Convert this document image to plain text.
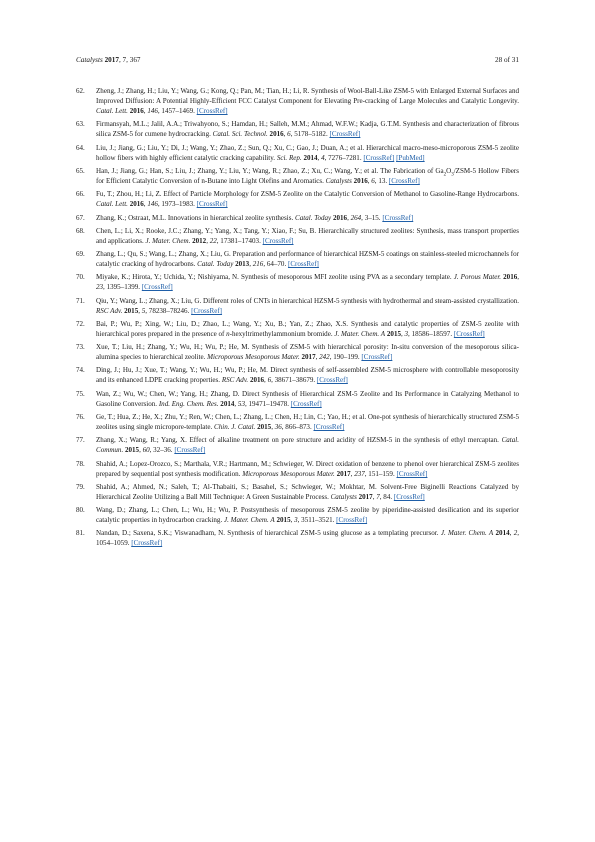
Catalysts 2017, 7, 367	28 of 31
62. Zheng, J.; Zhang, H.; Liu, Y.; Wang, G.; Kong, Q.; Pan, M.; Tian, H.; Li, R. Synthesis of Wool-Ball-Like ZSM-5 with Enlarged External Surfaces and Improved Diffusion: A Potential Highly-Efficient FCC Catalyst Component for Elevating Pre-cracking of Large Molecules and Catalytic Longevity. Catal. Lett. 2016, 146, 1457–1469. [CrossRef]
63. Firmansyah, M.L.; Jalil, A.A.; Triwahyono, S.; Hamdan, H.; Salleh, M.M.; Ahmad, W.F.W.; Kadja, G.T.M. Synthesis and characterization of fibrous silica ZSM-5 for cumene hydrocracking. Catal. Sci. Technol. 2016, 6, 5178–5182. [CrossRef]
64. Liu, J.; Jiang, G.; Liu, Y.; Di, J.; Wang, Y.; Zhao, Z.; Sun, Q.; Xu, C.; Gao, J.; Duan, A.; et al. Hierarchical macro-meso-microporous ZSM-5 zeolite hollow fibers with highly efficient catalytic cracking capability. Sci. Rep. 2014, 4, 7276–7281. [CrossRef] [PubMed]
65. Han, J.; Jiang, G.; Han, S.; Liu, J.; Zhang, Y.; Liu, Y.; Wang, R.; Zhao, Z.; Xu, C.; Wang, Y.; et al. The Fabrication of $Ga_2O_3/ZSM-5$ Hollow Fibers for Efficient Catalytic Conversion of n-Butane into Light Olefins and Aromatics. Catalysts 2016, 6, 13. [CrossRef]
66. Fu, T.; Zhou, H.; Li, Z. Effect of Particle Morphology for ZSM-5 Zeolite on the Catalytic Conversion of Methanol to Gasoline-Range Hydrocarbons. Catal. Lett. 2016, 146, 1973–1983. [CrossRef]
67. Zhang, K.; Ostraat, M.L. Innovations in hierarchical zeolite synthesis. Catal. Today 2016, 264, 3–15. [CrossRef]
68. Chen, L.; Li, X.; Rooke, J.C.; Zhang, Y.; Yang, X.; Tang, Y.; Xiao, F.; Su, B. Hierarchically structured zeolites: Synthesis, mass transport properties and applications. J. Mater. Chem. 2012, 22, 17381–17403. [CrossRef]
69. Zhang, L.; Qu, S.; Wang, L.; Zhang, X.; Liu, G. Preparation and performance of hierarchical HZSM-5 coatings on stainless-steeled microchannels for catalytic cracking of hydrocarbons. Catal. Today 2013, 216, 64–70. [CrossRef]
70. Miyake, K.; Hirota, Y.; Uchida, Y.; Nishiyama, N. Synthesis of mesoporous MFI zeolite using PVA as a secondary template. J. Porous Mater. 2016, 23, 1395–1399. [CrossRef]
71. Qiu, Y.; Wang, L.; Zhang, X.; Liu, G. Different roles of CNTs in hierarchical HZSM-5 synthesis with hydrothermal and steam-assisted crystallization. RSC Adv. 2015, 5, 78238–78246. [CrossRef]
72. Bai, P.; Wu, P.; Xing, W.; Liu, D.; Zhao, L.; Wang, Y.; Xu, B.; Yan, Z.; Zhao, X.S. Synthesis and catalytic properties of ZSM-5 zeolite with hierarchical pores prepared in the presence of n-hexyltrimethylammonium bromide. J. Mater. Chem. A 2015, 3, 18586–18597. [CrossRef]
73. Xue, T.; Liu, H.; Zhang, Y.; Wu, H.; Wu, P.; He, M. Synthesis of ZSM-5 with hierarchical porosity: In-situ conversion of the mesoporous silica-alumina species to hierarchical zeolite. Microporous Mesoporous Mater. 2017, 242, 190–199. [CrossRef]
74. Ding, J.; Hu, J.; Xue, T.; Wang, Y.; Wu, H.; Wu, P.; He, M. Direct synthesis of self-assembled ZSM-5 microsphere with controllable mesoporosity and its enhanced LDPE cracking properties. RSC Adv. 2016, 6, 38671–38679. [CrossRef]
75. Wan, Z.; Wu, W.; Chen, W.; Yang, H.; Zhang, D. Direct Synthesis of Hierarchical ZSM-5 Zeolite and Its Performance in Catalyzing Methanol to Gasoline Conversion. Ind. Eng. Chem. Res. 2014, 53, 19471–19478. [CrossRef]
76. Ge, T.; Hua, Z.; He, X.; Zhu, Y.; Ren, W.; Chen, L.; Zhang, L.; Chen, H.; Lin, C.; Yao, H.; et al. One-pot synthesis of hierarchically structured ZSM-5 zeolites using single micropore-template. Chin. J. Catal. 2015, 36, 866–873. [CrossRef]
77. Zhang, X.; Wang, R.; Yang, X. Effect of alkaline treatment on pore structure and acidity of HZSM-5 in the synthesis of ethyl mercaptan. Catal. Commun. 2015, 60, 32–36. [CrossRef]
78. Shahid, A.; Lopez-Orozco, S.; Marthala, V.R.; Hartmann, M.; Schwieger, W. Direct oxidation of benzene to phenol over hierarchical ZSM-5 zeolites prepared by sequential post synthesis modification. Microporous Mesoporous Mater. 2017, 237, 151–159. [CrossRef]
79. Shahid, A.; Ahmed, N.; Saleh, T.; Al-Thabaiti, S.; Basahel, S.; Schwieger, W.; Mokhtar, M. Solvent-Free Biginelli Reactions Catalyzed by Hierarchical Zeolite Utilizing a Ball Mill Technique: A Green Sustainable Process. Catalysts 2017, 7, 84. [CrossRef]
80. Wang, D.; Zhang, L.; Chen, L.; Wu, H.; Wu, P. Postsynthesis of mesoporous ZSM-5 zeolite by piperidine-assisted desilication and its superior catalytic properties in hydrocarbon cracking. J. Mater. Chem. A 2015, 3, 3511–3521. [CrossRef]
81. Nandan, D.; Saxena, S.K.; Viswanadham, N. Synthesis of hierarchical ZSM-5 using glucose as a templating precursor. J. Mater. Chem. A 2014, 2, 1054–1059. [CrossRef]
